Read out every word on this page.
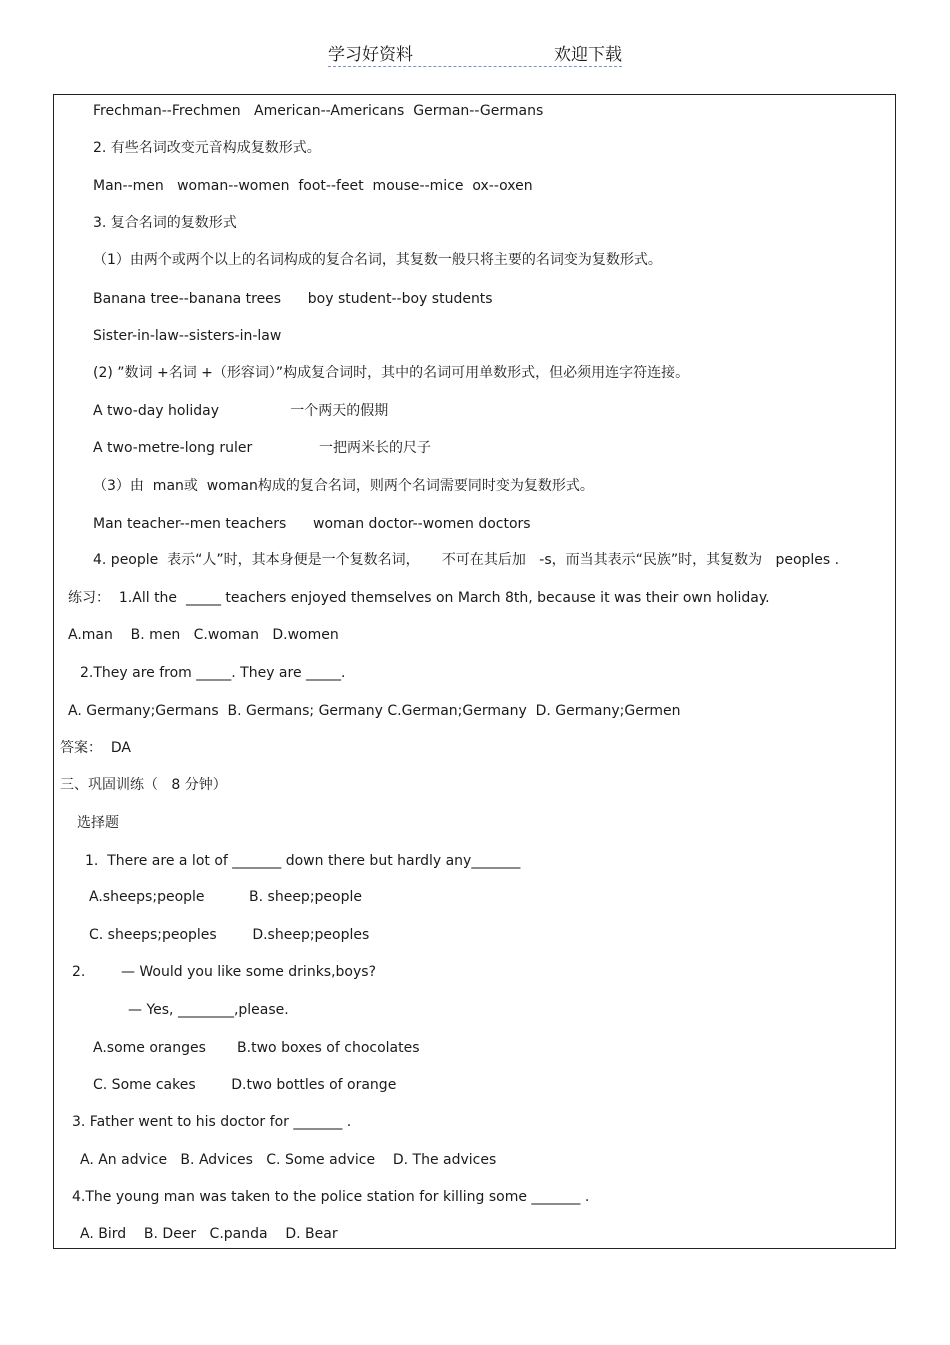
学习好资料	欢迎下载
Frechman--Frechmen   American--Americans  German--Germans
2. 有些名词改变元音构成复数形式。
Man--men   woman--women  foot--feet  mouse--mice  ox--oxen
3. 复合名词的复数形式
（1）由两个或两个以上的名词构成的复合名词，其复数一般只将主要的名词变为复数形式。
Banana tree--banana trees      boy student--boy students
Sister-in-law--sisters-in-law
(2) ”数词 +名词 +（形容词）”构成复合词时，其中的名词可用单数形式，但必须用连字符连接。
A two-day holiday                一个两天的假期
A two-metre-long ruler               一把两米长的尺子
（3）由  man或  woman构成的复合名词，则两个名词需要同时变为复数形式。
Man teacher--men teachers      woman doctor--women doctors
4. people  表示“人”时，其本身便是一个复数名词，     不可在其后加   -s，而当其表示“民族”时，其复数为   peoples .
练习：  1.All the  _____ teachers enjoyed themselves on March 8th, because it was their own holiday.
A.man    B. men   C.woman   D.women
2.They are from _____. They are _____.
A. Germany;Germans  B. Germans; Germany C.German;Germany  D. Germany;Germen
答案：  DA
三、巩固训练（   8 分钟）
选择题
1.  There are a lot of _______ down there but hardly any_______
A.sheeps;people          B. sheep;people
C. sheeps;peoples        D.sheep;peoples
2.        — Would you like some drinks,boys?
— Yes, ________,please.
A.some oranges       B.two boxes of chocolates
C. Some cakes        D.two bottles of orange
3. Father went to his doctor for _______ .
A. An advice   B. Advices   C. Some advice    D. The advices
4.The young man was taken to the police station for killing some _______ .
A. Bird    B. Deer   C.panda    D. Bear
